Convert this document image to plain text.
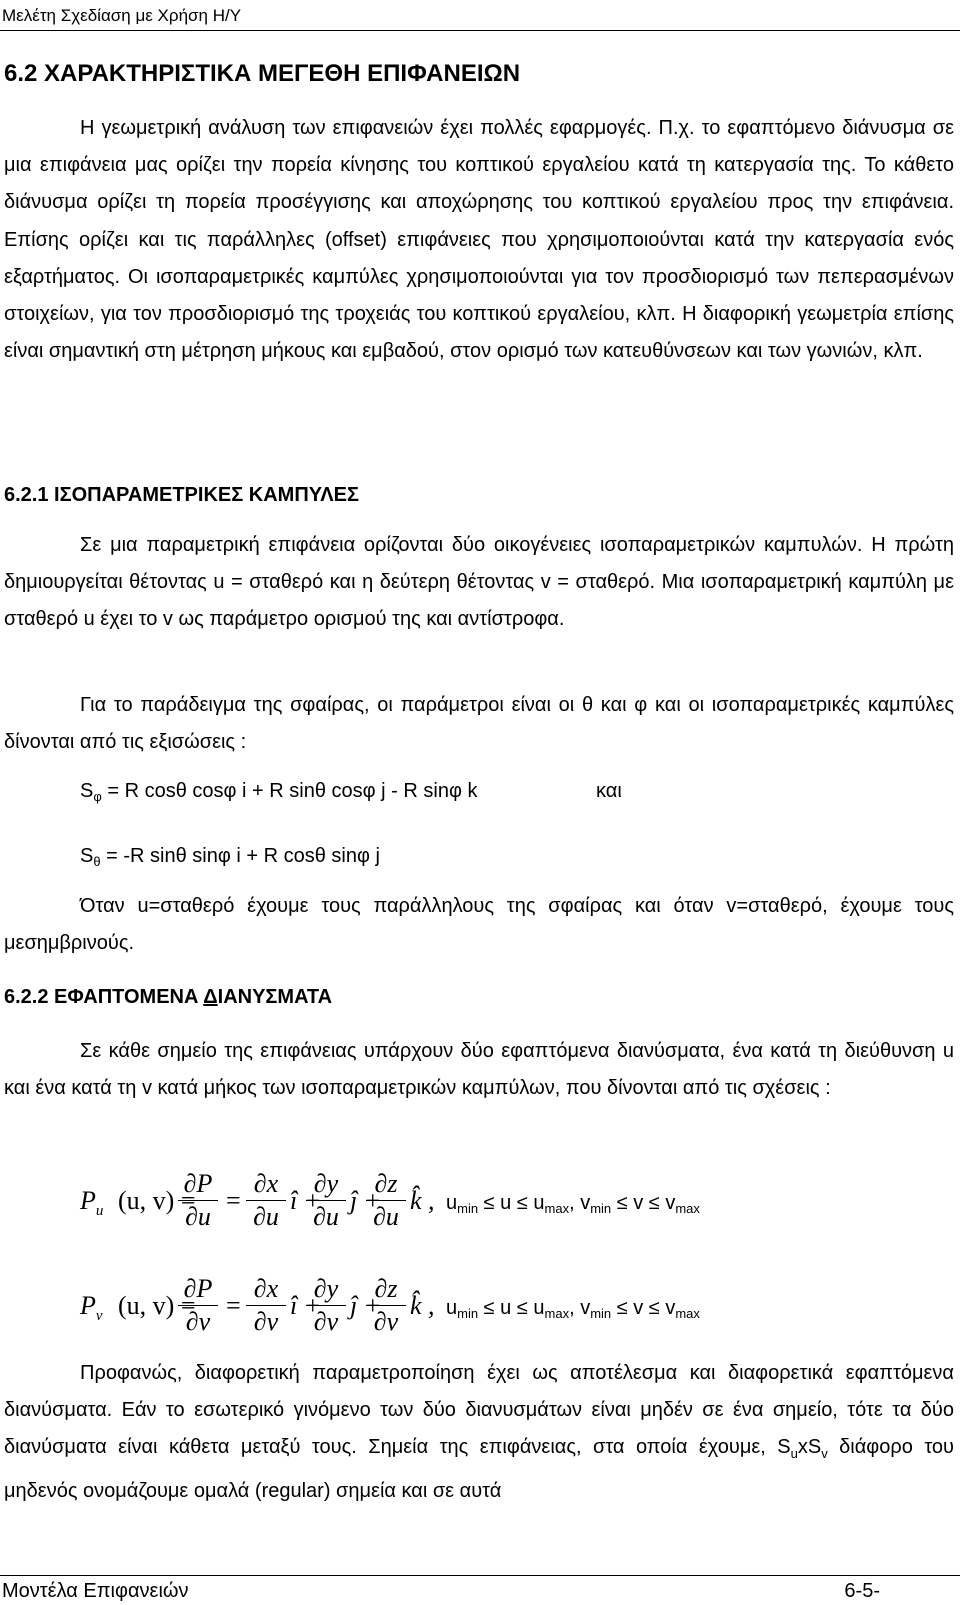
Μελέτη Σχεδίαση με Χρήση Η/Υ
6.2 ΧΑΡΑΚΤΗΡΙΣΤΙΚΑ ΜΕΓΕΘΗ ΕΠΙΦΑΝΕΙΩΝ

Η γεωμετρική ανάλυση των επιφανειών έχει πολλές εφαρμογές. Π.χ. το εφαπτόμενο διάνυσμα σε μια επιφάνεια μας ορίζει την πορεία κίνησης του κοπτικού εργαλείου κατά τη κατεργασία της. Το κάθετο διάνυσμα ορίζει τη πορεία προσέγγισης και αποχώρησης του κοπτικού εργαλείου προς την επιφάνεια. Επίσης ορίζει και τις παράλληλες (offset) επιφάνειες που χρησιμοποιούνται κατά την κατεργασία ενός εξαρτήματος. Οι ισοπαραμετρικές καμπύλες χρησιμοποιούνται για τον προσδιορισμό των πεπερασμένων στοιχείων, για τον προσδιορισμό της τροχειάς του κοπτικού εργαλείου, κλπ. Η διαφορική γεωμετρία επίσης είναι σημαντική στη μέτρηση μήκους και εμβαδού, στον ορισμό των κατευθύνσεων και των γωνιών, κλπ.

6.2.1 ΙΣΟΠΑΡΑΜΕΤΡΙΚΕΣ ΚΑΜΠΥΛΕΣ

Σε μια παραμετρική επιφάνεια ορίζονται δύο οικογένειες ισοπαραμετρικών καμπυλών. Η πρώτη δημιουργείται θέτοντας u = σταθερό και η δεύτερη θέτοντας v = σταθερό. Μια ισοπαραμετρική καμπύλη με σταθερό u έχει το v ως παράμετρο ορισμού της και αντίστροφα.

Για το παράδειγμα της σφαίρας, οι παράμετροι είναι οι θ και φ και οι ισοπαραμετρικές καμπύλες δίνονται από τις εξισώσεις :

$S_\varphi = R$ cosθ cosφ i + R sinθ cosφ j - R sinφ k	και
$S_\theta = -R$ sinθ sinφ i + R cosθ sinφ j

Όταν u=σταθερό έχουμε τους παράλληλους της σφαίρας και όταν v=σταθερό, έχουμε τους μεσημβρινούς.

6.2.2 ΕΦΑΠΤΟΜΕΝΑ ΔΙΑΝΥΣΜΑΤΑ

Σε κάθε σημείο της επιφάνειας υπάρχουν δύο εφαπτόμενα διανύσματα, ένα κατά τη διεύθυνση u και ένα κατά τη v κατά μήκος των ισοπαραμετρικών καμπύλων, που δίνονται από τις σχέσεις :

$P_u$ (u, v) =
∂P
∂u
=
∂x
∂u
î +
∂y
∂u
ĵ +
∂z
∂u
k̂ , $u_{min} \le u \le u_{max}$, $v_{min} \le v \le v_{max}$
$P_v$ (u, v) =
∂P
∂v
=
∂x
∂v
î +
∂y
∂v
ĵ +
∂z
∂v
k̂ , $u_{min} \le u \le u_{max}$, $v_{min} \le v \le v_{max}$

Προφανώς, διαφορετική παραμετροποίηση έχει ως αποτέλεσμα και διαφορετικά εφαπτόμενα διανύσματα. Εάν το εσωτερικό γινόμενο των δύο διανυσμάτων είναι μηδέν σε ένα σημείο, τότε τα δύο διανύσματα είναι κάθετα μεταξύ τους. Σημεία της επιφάνειας, στα οποία έχουμε, $S_uxS_v$ διάφορο του μηδενός ονομάζουμε ομαλά (regular) σημεία και σε αυτά

Μοντέλα Επιφανειών	6-5-
